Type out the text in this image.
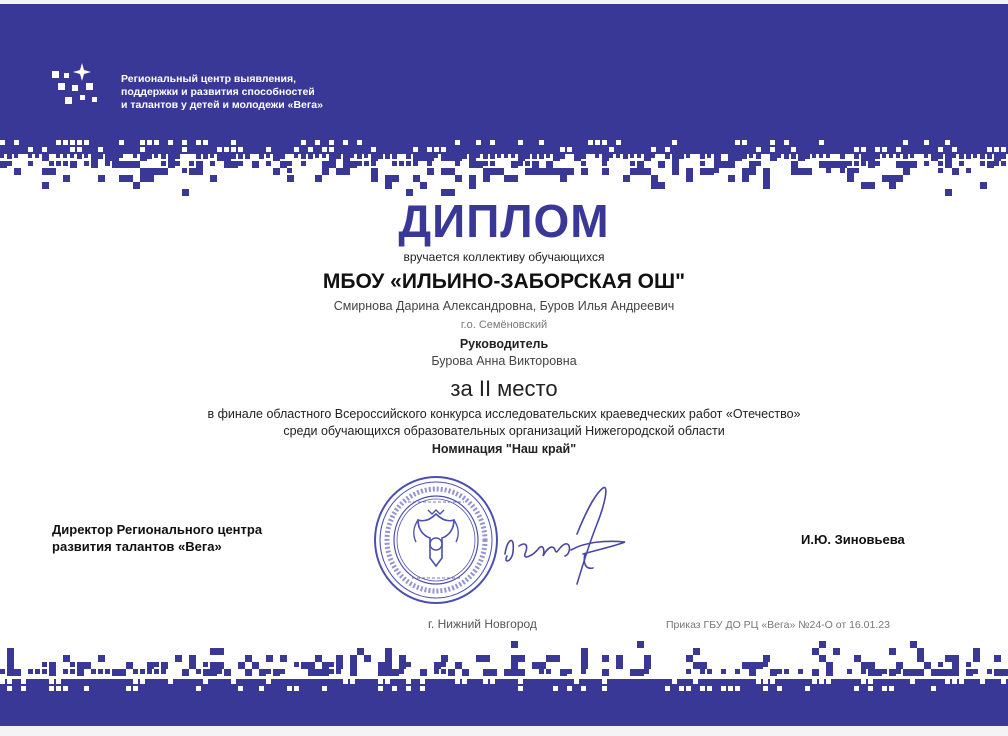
Региональный центр выявления,
поддержки и развития способностей
и талантов у детей и молодежи «Вега»
ДИПЛОМ
вручается коллективу обучающихся
МБОУ «ИЛЬИНО-ЗАБОРСКАЯ ОШ"
Смирнова Дарина Александровна, Буров Илья Андреевич
г.о. Семёновский
Руководитель
Бурова Анна Викторовна
за II место
в финале областного Всероссийского конкурса исследовательских краеведческих работ «Отечество»
среди обучающихся образовательных организаций Нижегородской области
Номинация "Наш край"
Директор Регионального центра
развития талантов «Вега»	И.Ю. Зиновьева
г. Нижний Новгород	Приказ ГБУ ДО РЦ «Вега» №24-О от 16.01.23
